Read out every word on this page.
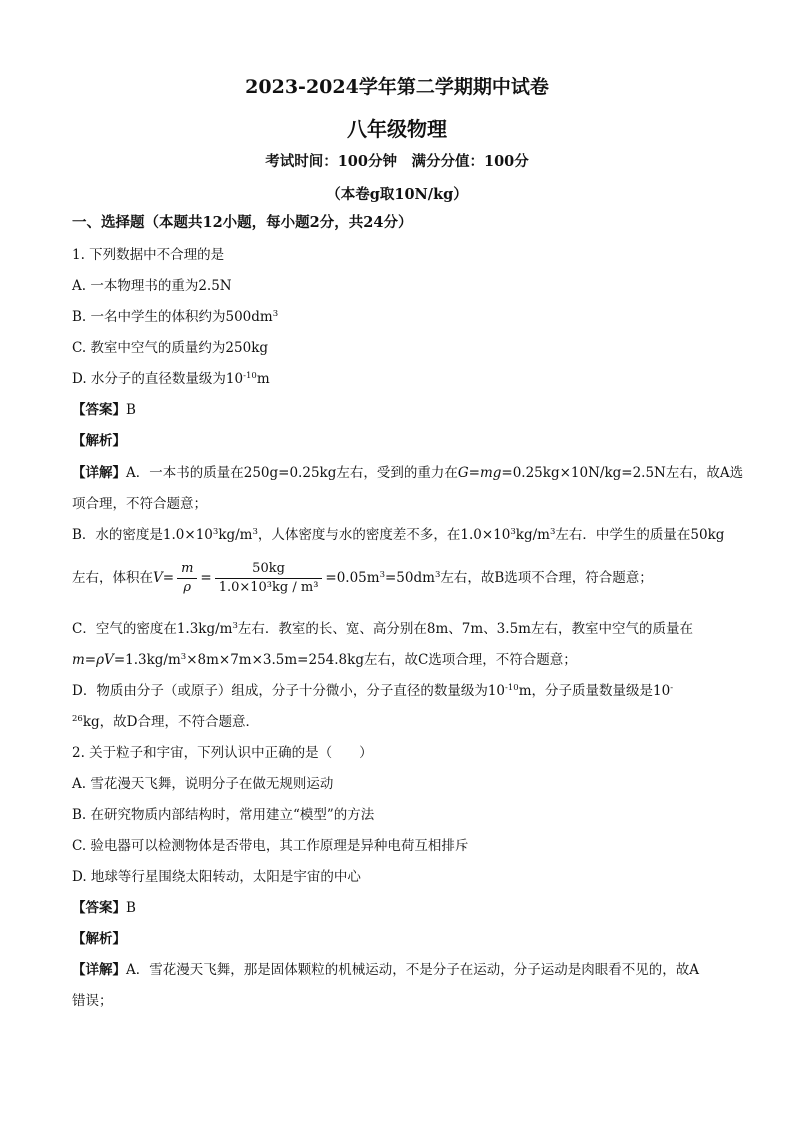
2023-2024学年第二学期期中试卷
八年级物理
考试时间：100分钟　满分分值：100分
（本卷g取10N/kg）
一、选择题（本题共12小题，每小题2分，共24分）
1. 下列数据中不合理的是
A. 一本物理书的重为2.5N
B. 一名中学生的体积约为$500dm^3$
C. 教室中空气的质量约为250kg
D. 水分子的直径数量级为$10^{-10}m$
【答案】B
【解析】
【详解】A．一本书的质量在250g=0.25kg左右，受到的重力在G=mg=0.25kg×10N/kg=2.5N左右，故A选
项合理，不符合题意；
B．水的密度是$1.0\times 10^3kg/m^3$，人体密度与水的密度差不多，在$1.0\times 10^3kg/m^3$左右．中学生的质量在50kg
左右，体积在$V= \frac{m}{\rho} = \frac{50kg}{\text{1.0×10³kg / m³}} =0.05m^3=50dm^3$左右，故B选项不合理，符合题意；
C．空气的密度在$1.3kg/m^3$左右．教室的长、宽、高分别在8m、7m、3.5m左右，教室中空气的质量在
$m=\rho V=1.3kg/m^3\times 8m\times 7m\times 3.5m=254.8kg$左右，故C选项合理，不符合题意；
D．物质由分子（或原子）组成，分子十分微小，分子直径的数量级为$10^{-10}m$，分子质量数量级是10-
$^{26}$kg，故D合理，不符合题意．
2. 关于粒子和宇宙，下列认识中正确的是（　　）
A. 雪花漫天飞舞，说明分子在做无规则运动
B. 在研究物质内部结构时，常用建立“模型”的方法
C. 验电器可以检测物体是否带电，其工作原理是异种电荷互相排斥
D. 地球等行星围绕太阳转动，太阳是宇宙的中心
【答案】B
【解析】
【详解】A．雪花漫天飞舞，那是固体颗粒的机械运动，不是分子在运动，分子运动是肉眼看不见的，故A
错误；
